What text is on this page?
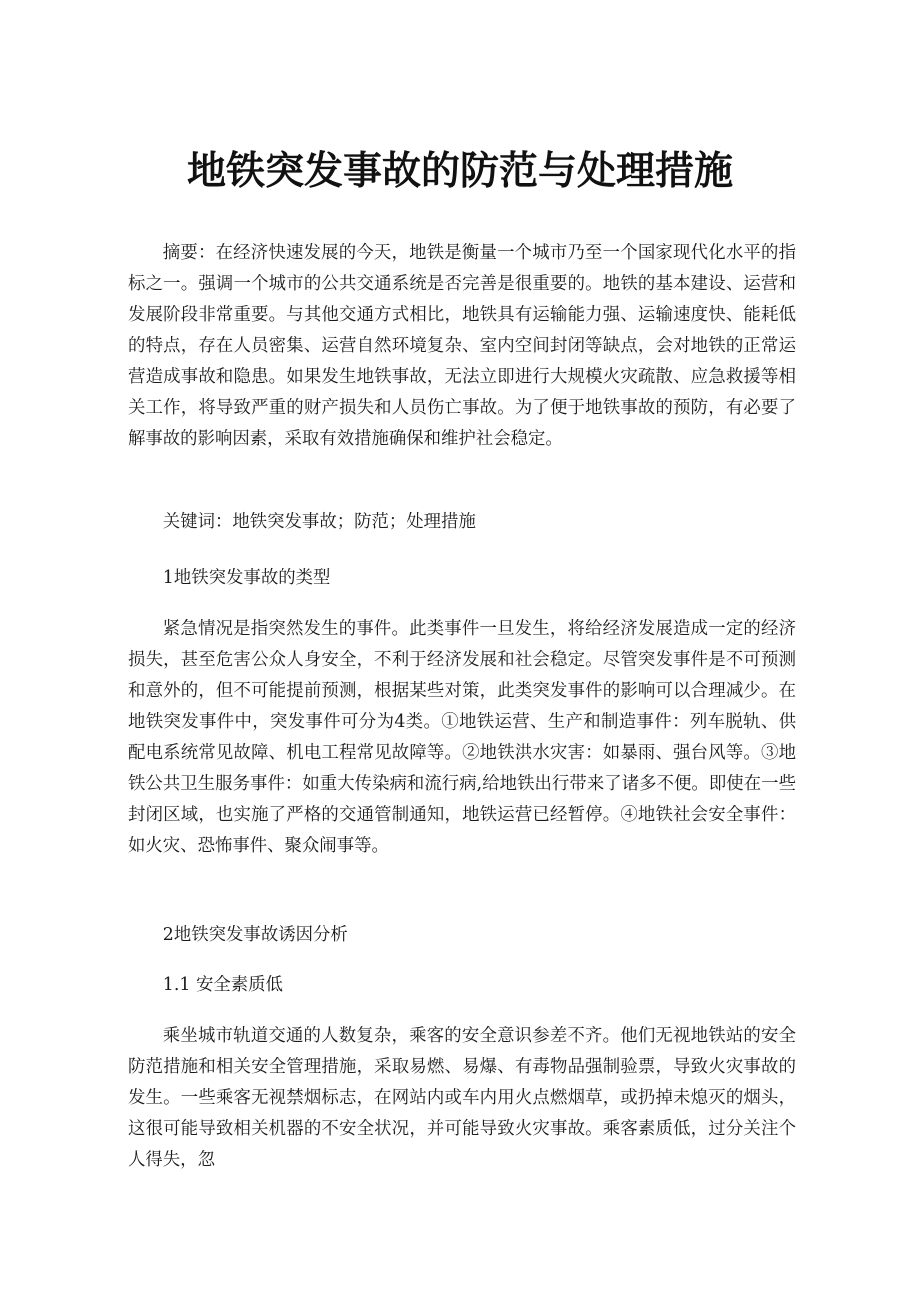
地铁突发事故的防范与处理措施

摘要：在经济快速发展的今天，地铁是衡量一个城市乃至一个国家现代化水平的指标之一。强调一个城市的公共交通系统是否完善是很重要的。地铁的基本建设、运营和发展阶段非常重要。与其他交通方式相比，地铁具有运输能力强、运输速度快、能耗低的特点，存在人员密集、运营自然环境复杂、室内空间封闭等缺点，会对地铁的正常运营造成事故和隐患。如果发生地铁事故，无法立即进行大规模火灾疏散、应急救援等相关工作，将导致严重的财产损失和人员伤亡事故。为了便于地铁事故的预防，有必要了解事故的影响因素，采取有效措施确保和维护社会稳定。

关键词：地铁突发事故；防范；处理措施

1地铁突发事故的类型

紧急情况是指突然发生的事件。此类事件一旦发生，将给经济发展造成一定的经济损失，甚至危害公众人身安全，不利于经济发展和社会稳定。尽管突发事件是不可预测和意外的，但不可能提前预测，根据某些对策，此类突发事件的影响可以合理减少。在地铁突发事件中，突发事件可分为4类。①地铁运营、生产和制造事件：列车脱轨、供配电系统常见故障、机电工程常见故障等。②地铁洪水灾害：如暴雨、强台风等。③地铁公共卫生服务事件：如重大传染病和流行病,给地铁出行带来了诸多不便。即使在一些封闭区域，也实施了严格的交通管制通知，地铁运营已经暂停。④地铁社会安全事件：如火灾、恐怖事件、聚众闹事等。

2地铁突发事故诱因分析

1.1 安全素质低

乘坐城市轨道交通的人数复杂，乘客的安全意识参差不齐。他们无视地铁站的安全防范措施和相关安全管理措施，采取易燃、易爆、有毒物品强制验票，导致火灾事故的发生。一些乘客无视禁烟标志，在网站内或车内用火点燃烟草，或扔掉未熄灭的烟头，这很可能导致相关机器的不安全状况，并可能导致火灾事故。乘客素质低，过分关注个人得失，忽
